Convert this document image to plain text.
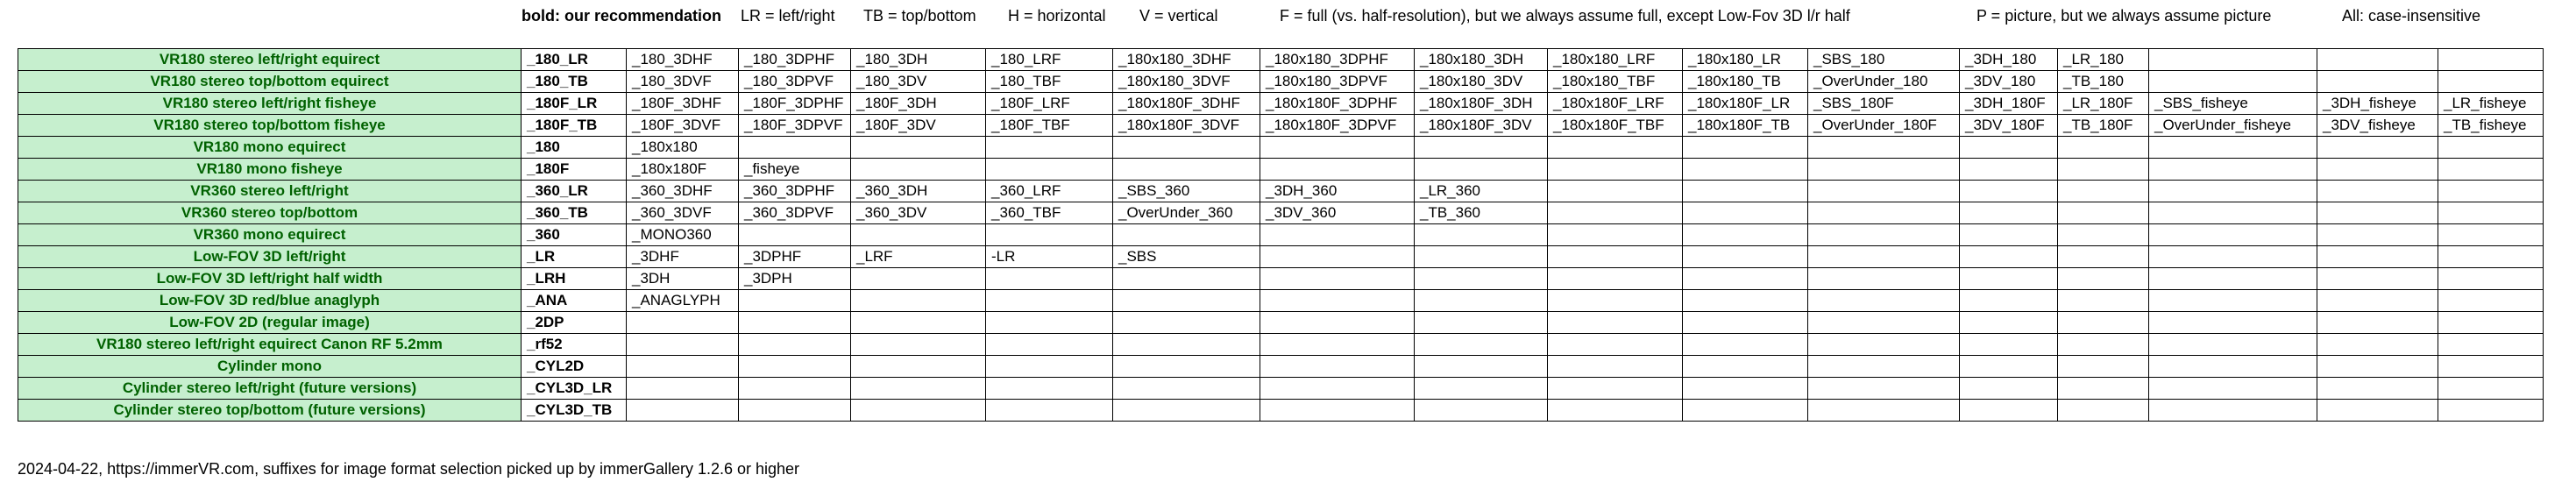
bold: our recommendation LR = left/right TB = top/bottom H = horizontal V = vertical	F = full (vs. half-resolution), but we always assume full, except Low-Fov 3D l/r half	P = picture, but we always assume picture	All: case-insensitive
VR180 stereo left/right equirect	_180_LR	_180_3DHF	_180_3DPHF	_180_3DH	_180_LRF	_180x180_3DHF	_180x180_3DPHF	_180x180_3DH	_180x180_LRF	_180x180_LR	_SBS_180	_3DH_180	_LR_180			
VR180 stereo top/bottom equirect	_180_TB	_180_3DVF	_180_3DPVF	_180_3DV	_180_TBF	_180x180_3DVF	_180x180_3DPVF	_180x180_3DV	_180x180_TBF	_180x180_TB	_OverUnder_180	_3DV_180	_TB_180			
VR180 stereo left/right fisheye	_180F_LR	_180F_3DHF	_180F_3DPHF	_180F_3DH	_180F_LRF	_180x180F_3DHF	_180x180F_3DPHF	_180x180F_3DH	_180x180F_LRF	_180x180F_LR	_SBS_180F	_3DH_180F	_LR_180F	_SBS_fisheye	_3DH_fisheye	_LR_fisheye
VR180 stereo top/bottom fisheye	_180F_TB	_180F_3DVF	_180F_3DPVF	_180F_3DV	_180F_TBF	_180x180F_3DVF	_180x180F_3DPVF	_180x180F_3DV	_180x180F_TBF	_180x180F_TB	_OverUnder_180F	_3DV_180F	_TB_180F	_OverUnder_fisheye	_3DV_fisheye	_TB_fisheye
VR180 mono equirect	_180	_180x180														
VR180 mono fisheye	_180F	_180x180F	_fisheye													
VR360 stereo left/right	_360_LR	_360_3DHF	_360_3DPHF	_360_3DH	_360_LRF	_SBS_360	_3DH_360	_LR_360								
VR360 stereo top/bottom	_360_TB	_360_3DVF	_360_3DPVF	_360_3DV	_360_TBF	_OverUnder_360	_3DV_360	_TB_360								
VR360 mono equirect	_360	_MONO360														
Low-FOV 3D left/right	_LR	_3DHF	_3DPHF	_LRF	-LR	_SBS										
Low-FOV 3D left/right half width	_LRH	_3DH	_3DPH													
Low-FOV 3D red/blue anaglyph	_ANA	_ANAGLYPH														
Low-FOV 2D (regular image)	_2DP															
VR180 stereo left/right equirect Canon RF 5.2mm	_rf52															
Cylinder mono	_CYL2D															
Cylinder stereo left/right (future versions)	_CYL3D_LR															
Cylinder stereo top/bottom (future versions)	_CYL3D_TB															
2024-04-22, https://immerVR.com, suffixes for image format selection picked up by immerGallery 1.2.6 or higher
